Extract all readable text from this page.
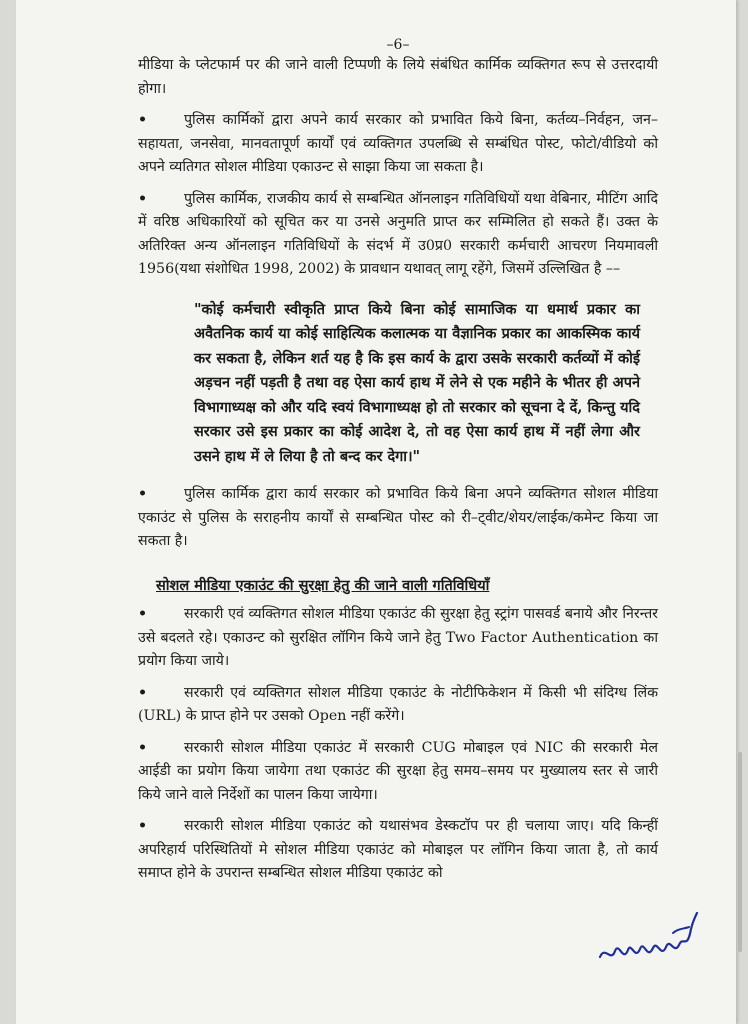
–6–

मीडिया के प्लेटफार्म पर की जाने वाली टिप्पणी के लिये संबंधित कार्मिक व्यक्तिगत रूप से उत्तरदायी होगा।

•	पुलिस कार्मिकों द्वारा अपने कार्य सरकार को प्रभावित किये बिना, कर्तव्य–निर्वहन, जन–सहायता, जनसेवा, मानवतापूर्ण कार्यों एवं व्यक्तिगत उपलब्धि से सम्बंधित पोस्ट, फोटो/वीडियो को अपने व्यतिगत सोशल मीडिया एकाउन्ट से साझा किया जा सकता है।

•	पुलिस कार्मिक, राजकीय कार्य से सम्बन्धित ऑनलाइन गतिविधियों यथा वेबिनार, मीटिंग आदि में वरिष्ठ अधिकारियों को सूचित कर या उनसे अनुमति प्राप्त कर सम्मिलित हो सकते हैं। उक्त के अतिरिक्त अन्य ऑनलाइन गतिविधियों के संदर्भ में उ0प्र0 सरकारी कर्मचारी आचरण नियमावली 1956(यथा संशोधित 1998, 2002) के प्रावधान यथावत् लागू रहेंगे, जिसमें उल्लिखित है ––

"कोई कर्मचारी स्वीकृति प्राप्त किये बिना कोई सामाजिक या धमार्थ प्रकार का अवैतनिक कार्य या कोई साहित्यिक कलात्मक या वैज्ञानिक प्रकार का आकस्मिक कार्य कर सकता है, लेकिन शर्त यह है कि इस कार्य के द्वारा उसके सरकारी कर्तव्यों में कोई अड़चन नहीं पड़ती है तथा वह ऐसा कार्य हाथ में लेने से एक महीने के भीतर ही अपने विभागाध्यक्ष को और यदि स्वयं विभागाध्यक्ष हो तो सरकार को सूचना दे दें, किन्तु यदि सरकार उसे इस प्रकार का कोई आदेश दे, तो वह ऐसा कार्य हाथ में नहीं लेगा और उसने हाथ में ले लिया है तो बन्द कर देगा।"

•	पुलिस कार्मिक द्वारा कार्य सरकार को प्रभावित किये बिना अपने व्यक्तिगत सोशल मीडिया एकाउंट से पुलिस के सराहनीय कार्यों से सम्बन्धित पोस्ट को री–ट्वीट/शेयर/लाईक/कमेन्ट किया जा सकता है।

सोशल मीडिया एकाउंट की सुरक्षा हेतु की जाने वाली गतिविधियाँ

•	सरकारी एवं व्यक्तिगत सोशल मीडिया एकाउंट की सुरक्षा हेतु स्ट्रांग पासवर्ड बनाये और निरन्तर उसे बदलते रहे। एकाउन्ट को सुरक्षित लॉगिन किये जाने हेतु Two Factor Authentication का प्रयोग किया जाये।

•	सरकारी एवं व्यक्तिगत सोशल मीडिया एकाउंट के नोटीफिकेशन में किसी भी संदिग्ध लिंक (URL) के प्राप्त होने पर उसको Open नहीं करेंगे।

•	सरकारी सोशल मीडिया एकाउंट में सरकारी CUG मोबाइल एवं NIC की सरकारी मेल आईडी का प्रयोग किया जायेगा तथा एकाउंट की सुरक्षा हेतु समय–समय पर मुख्यालय स्तर से जारी किये जाने वाले निर्देशों का पालन किया जायेगा।

•	सरकारी सोशल मीडिया एकाउंट को यथासंभव डेस्कटॉप पर ही चलाया जाए। यदि किन्हीं अपरिहार्य परिस्थितियों मे सोशल मीडिया एकाउंट को मोबाइल पर लॉगिन किया जाता है, तो कार्य समाप्त होने के उपरान्त सम्बन्धित सोशल मीडिया एकाउंट को
